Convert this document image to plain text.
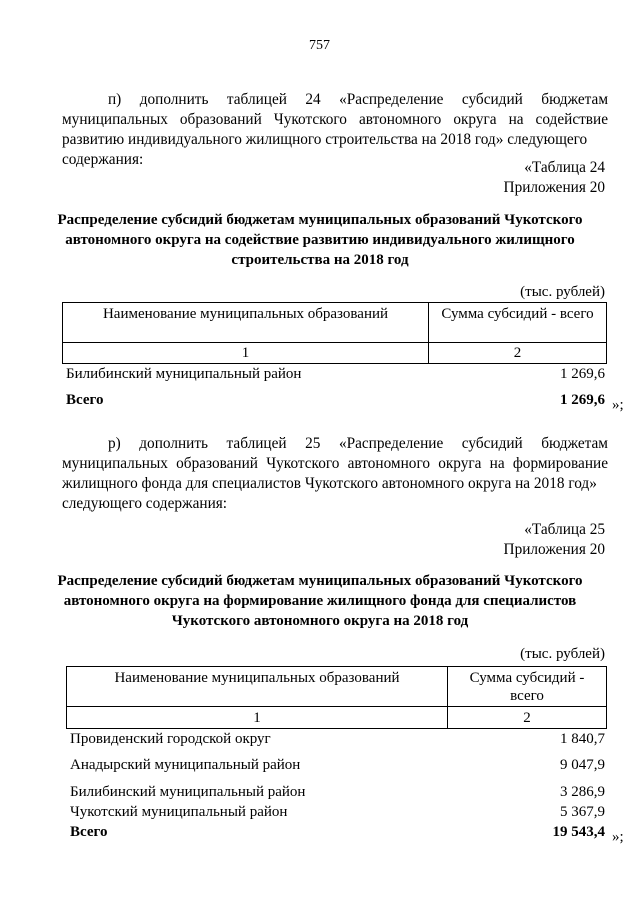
757
п) дополнить таблицей 24 «Распределение субсидий бюджетам
муниципальных образований Чукотского автономного округа на содействие
развитию индивидуального жилищного строительства на 2018 год» следующего
содержания:	«Таблица 24
Приложения 20
Распределение субсидий бюджетам муниципальных образований Чукотского
автономного округа на содействие развитию индивидуального жилищного
строительства на 2018 год
(тыс. рублей)
Наименование муниципальных образований	Сумма субсидий - всего
1	2
Билибинский муниципальный район	1 269,6
Всего	1 269,6 »;
р) дополнить таблицей 25 «Распределение субсидий бюджетам
муниципальных образований Чукотского автономного округа на формирование
жилищного фонда для специалистов Чукотского автономного округа на 2018 год»
следующего содержания:
«Таблица 25
Приложения 20
Распределение субсидий бюджетам муниципальных образований Чукотского
автономного округа на формирование жилищного фонда для специалистов
Чукотского автономного округа на 2018 год
(тыс. рублей)
Наименование муниципальных образований	Сумма субсидий -
всего

1	2
Провиденский городской округ	1 840,7
Анадырский муниципальный район	9 047,9
Билибинский муниципальный район	3 286,9
Чукотский муниципальный район	5 367,9
Всего	19 543,4 »;
